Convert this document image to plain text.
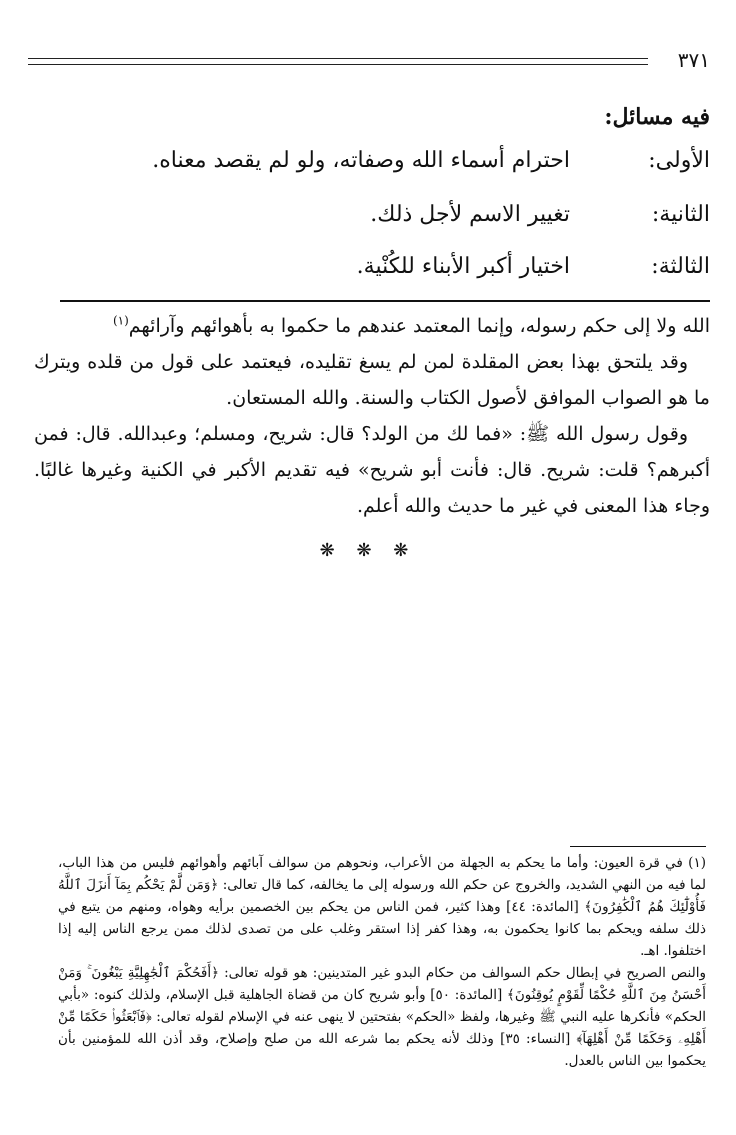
٣٧١
فيه مسائل:
الأولى:
احترام أسماء الله وصفاته، ولو لم يقصد معناه.
الثانية:
تغيير الاسم لأجل ذلك.
الثالثة:
اختيار أكبر الأبناء للكُنْية.

الله ولا إلى حكم رسوله، وإنما المعتمد عندهم ما حكموا به بأهوائهم وآرائهم$^{(١)}$

وقد يلتحق بهذا بعض المقلدة لمن لم يسغ تقليده، فيعتمد على قول من قلده ويترك ما هو الصواب الموافق لأصول الكتاب والسنة. والله المستعان.

وقول رسول الله ﷺ: «فما لك من الولد؟ قال: شريح، ومسلم؛ وعبدالله. قال: فمن أكبرهم؟ قلت: شريح. قال: فأنت أبو شريح» فيه تقديم الأكبر في الكنية وغيرها غالبًا. وجاء هذا المعنى في غير ما حديث والله أعلم.

❋ ❋ ❋

(١) في قرة العيون: وأما ما يحكم به الجهلة من الأعراب، ونحوهم من سوالف آبائهم وأهوائهم فليس من هذا الباب، لما فيه من النهي الشديد، والخروج عن حكم الله ورسوله إلى ما يخالفه، كما قال تعالى: ﴿وَمَن لَّمْ يَحْكُم بِمَآ أَنزَلَ ٱللَّهُ فَأُوْلَٰٓئِكَ هُمُ ٱلْكَٰفِرُونَ﴾ [المائدة: ٤٤] وهذا كثير، فمن الناس من يحكم بين الخصمين برأيه وهواه، ومنهم من يتبع في ذلك سلفه ويحكم بما كانوا يحكمون به، وهذا كفر إذا استقر وغلب على من تصدى لذلك ممن يرجع الناس إليه إذا اختلفوا. اهـ.

والنص الصريح في إبطال حكم السوالف من حكام البدو غير المتدينين: هو قوله تعالى: ﴿أَفَحُكْمَ ٱلْجَٰهِلِيَّةِ يَبْغُونَ ۚ وَمَنْ أَحْسَنُ مِنَ ٱللَّهِ حُكْمًا لِّقَوْمٍ يُوقِنُونَ﴾ [المائدة: ٥٠] وأبو شريح كان من قضاة الجاهلية قبل الإسلام، ولذلك كنوه: «بأبي الحكم» فأنكرها عليه النبي ﷺ وغيرها، ولفظ «الحكم» بفتحتين لا ينهى عنه في الإسلام لقوله تعالى: ﴿فَٱبْعَثُوا۟ حَكَمًا مِّنْ أَهْلِهِۦ وَحَكَمًا مِّنْ أَهْلِهَآ﴾ [النساء: ٣٥] وذلك لأنه يحكم بما شرعه الله من صلح وإصلاح، وقد أذن الله للمؤمنين بأن يحكموا بين الناس بالعدل.
